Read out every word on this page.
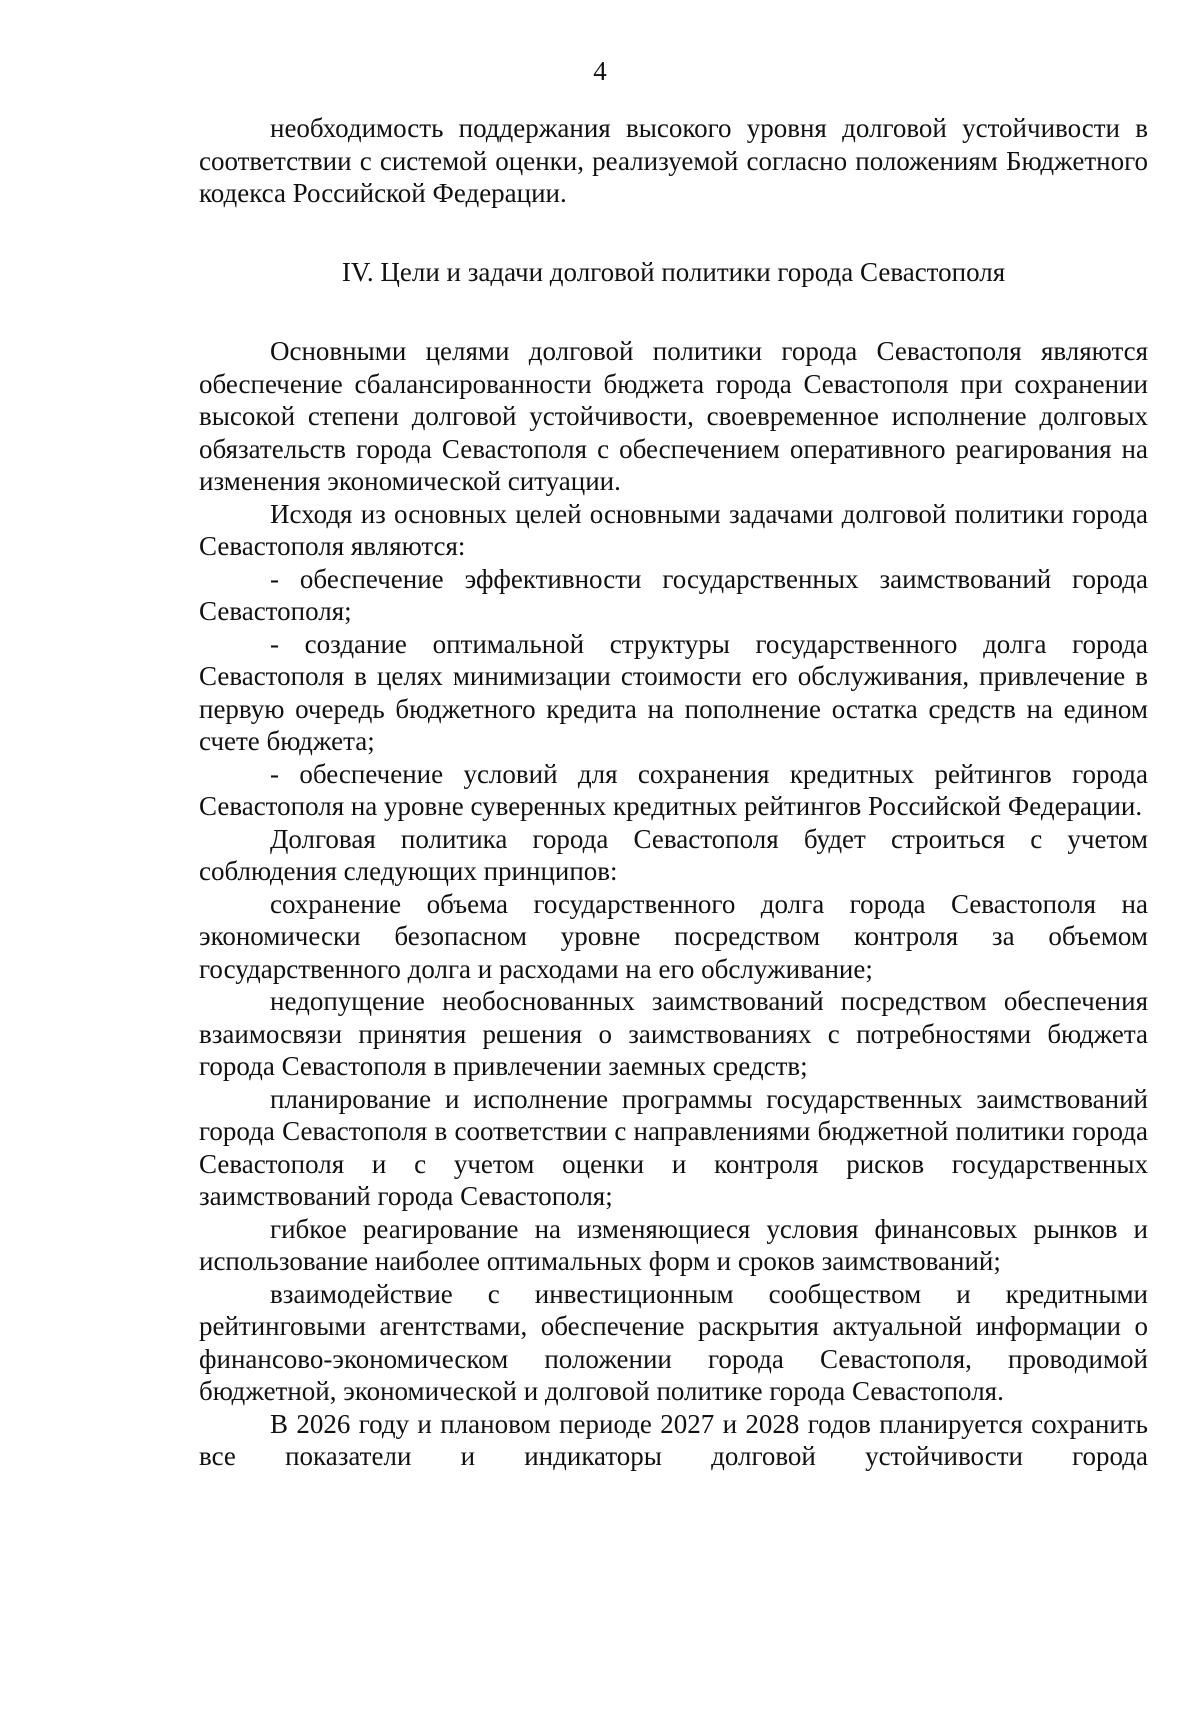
4

необходимость поддержания высокого уровня долговой устойчивости в соответствии с системой оценки, реализуемой согласно положениям Бюджетного кодекса Российской Федерации.

IV. Цели и задачи долговой политики города Севастополя

Основными целями долговой политики города Севастополя являются обеспечение сбалансированности бюджета города Севастополя при сохранении высокой степени долговой устойчивости, своевременное исполнение долговых обязательств города Севастополя с обеспечением оперативного реагирования на изменения экономической ситуации.

Исходя из основных целей основными задачами долговой политики города Севастополя являются:

- обеспечение эффективности государственных заимствований города Севастополя;

- создание оптимальной структуры государственного долга города Севастополя в целях минимизации стоимости его обслуживания, привлечение в первую очередь бюджетного кредита на пополнение остатка средств на едином счете бюджета;

- обеспечение условий для сохранения кредитных рейтингов города Севастополя на уровне суверенных кредитных рейтингов Российской Федерации.

Долговая политика города Севастополя будет строиться с учетом соблюдения следующих принципов:

сохранение объема государственного долга города Севастополя на экономически безопасном уровне посредством контроля за объемом государственного долга и расходами на его обслуживание;

недопущение необоснованных заимствований посредством обеспечения взаимосвязи принятия решения о заимствованиях с потребностями бюджета города Севастополя в привлечении заемных средств;

планирование и исполнение программы государственных заимствований города Севастополя в соответствии с направлениями бюджетной политики города Севастополя и с учетом оценки и контроля рисков государственных заимствований города Севастополя;

гибкое реагирование на изменяющиеся условия финансовых рынков и использование наиболее оптимальных форм и сроков заимствований;

взаимодействие с инвестиционным сообществом и кредитными рейтинговыми агентствами, обеспечение раскрытия актуальной информации о финансово-экономическом положении города Севастополя, проводимой бюджетной, экономической и долговой политике города Севастополя.

В 2026 году и плановом периоде 2027 и 2028 годов планируется сохранить все показатели и индикаторы долговой устойчивости города
